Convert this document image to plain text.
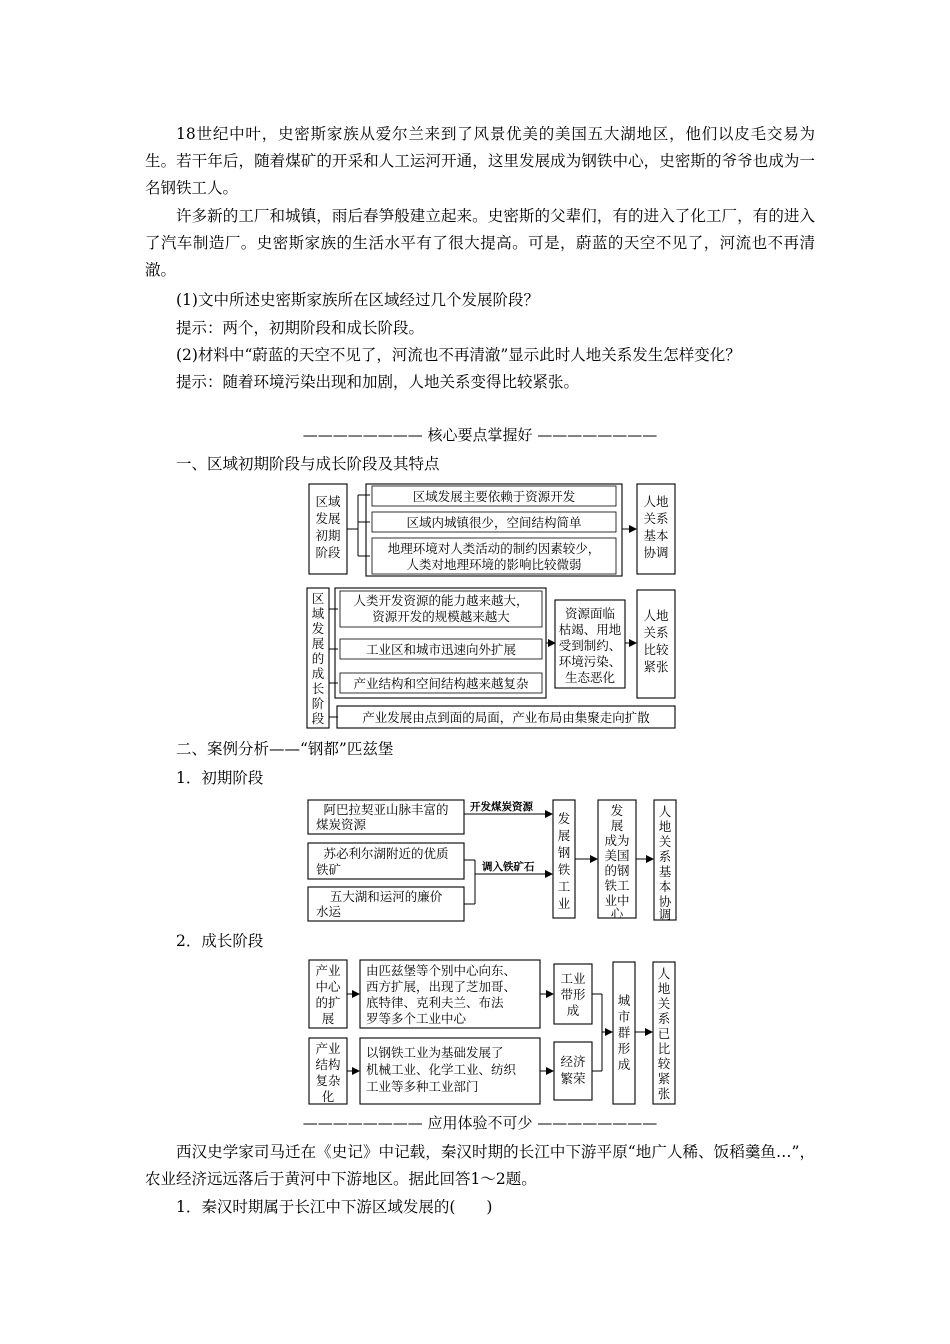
18世纪中叶，史密斯家族从爱尔兰来到了风景优美的美国五大湖地区，他们以皮毛交易为生。若干年后，随着煤矿的开采和人工运河开通，这里发展成为钢铁中心，史密斯的爷爷也成为一名钢铁工人。

许多新的工厂和城镇，雨后春笋般建立起来。史密斯的父辈们，有的进入了化工厂，有的进入了汽车制造厂。史密斯家族的生活水平有了很大提高。可是，蔚蓝的天空不见了，河流也不再清澈。

(1)文中所述史密斯家族所在区域经过几个发展阶段？
提示：两个，初期阶段和成长阶段。
(2)材料中“蔚蓝的天空不见了，河流也不再清澈”显示此时人地关系发生怎样变化？
提示：随着环境污染出现和加剧，人地关系变得比较紧张。
———————— 核心要点掌握好 ————————
一、区域初期阶段与成长阶段及其特点
区域
发展
初期
阶段
区域发展主要依赖于资源开发
区域内城镇很少，空间结构简单
地理环境对人类活动的制约因素较少，
人类对地理环境的影响比较微弱
人地
关系
基本
协调
区
域
发
展
的
成
长
阶
段
人类开发资源的能力越来越大，
资源开发的规模越来越大
工业区和城市迅速向外扩展
产业结构和空间结构越来越复杂
资源面临
枯竭、用地
受到制约、
环境污染、
生态恶化
人地
关系
比较
紧张
产业发展由点到面的局面，产业布局由集聚走向扩散
阿巴拉契亚山脉丰富的
煤炭资源
苏必利尔湖附近的优质
铁矿
五大湖和运河的廉价
水运
开发煤炭资源
调入铁矿石
发
展
钢
铁
工
业
发
展
成为
美国
的钢
铁工
业中
心
人
地
关
系
基
本
协
调
产业
中心
的扩
展
由匹兹堡等个别中心向东、
西方扩展，出现了芝加哥、
底特律、克利夫兰、布法
罗等多个工业中心
产业
结构
复杂
化
以钢铁工业为基础发展了
机械工业、化学工业、纺织
工业等多种工业部门
工业
带形
成
经济
繁荣
城
市
群
形
成
人
地
关
系
已
比
较
紧
张
二、案例分析——“钢都”匹兹堡
1．初期阶段
2．成长阶段
———————— 应用体验不可少 ————————

西汉史学家司马迁在《史记》中记载，秦汉时期的长江中下游平原“地广人稀、饭稻羹鱼…”，农业经济远远落后于黄河中下游地区。据此回答1～2题。

1．秦汉时期属于长江中下游区域发展的(　　)
